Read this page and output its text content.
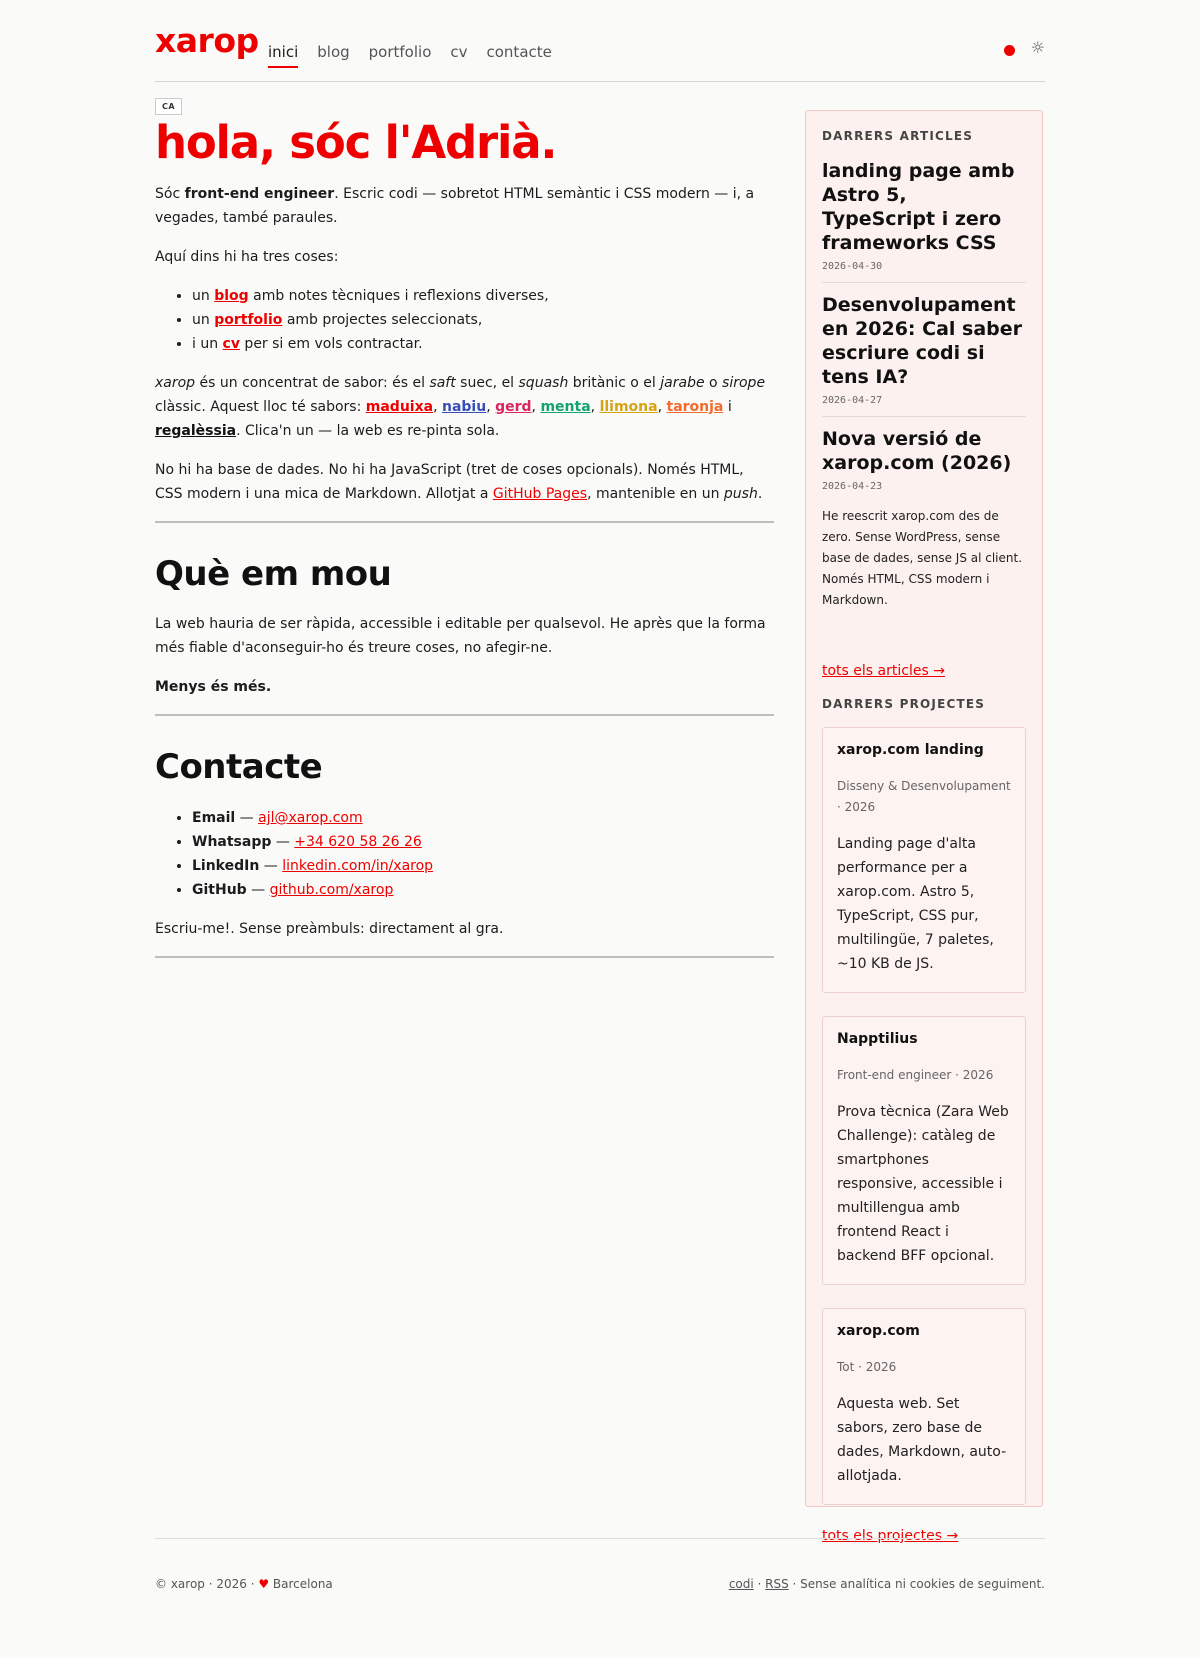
xarop inici blog portfolio cv contacte	☼
CA
hola, sóc l'Adrià.

Sóc front-end engineer. Escric codi — sobretot HTML semàntic i CSS modern — i, a vegades, també paraules.

Aquí dins hi ha tres coses:

• un blog amb notes tècniques i reflexions diverses,
• un portfolio amb projectes seleccionats,
• i un cv per si em vols contractar.

xarop és un concentrat de sabor: és el saft suec, el squash britànic o el jarabe o sirope clàssic. Aquest lloc té sabors: maduixa, nabiu, gerd, menta, llimona, taronja i regalèssia. Clica'n un — la web es re-pinta sola.

No hi ha base de dades. No hi ha JavaScript (tret de coses opcionals). Només HTML, CSS modern i una mica de Markdown. Allotjat a GitHub Pages, mantenible en un push.

Què em mou

La web hauria de ser ràpida, accessible i editable per qualsevol. He après que la forma més fiable d'aconseguir-ho és treure coses, no afegir-ne.

Menys és més.

Contacte
• Email — ajl@xarop.com
• Whatsapp — +34 620 58 26 26
• LinkedIn — linkedin.com/in/xarop
• GitHub — github.com/xarop

Escriu-me!. Sense preàmbuls: directament al gra.

DARRERS ARTICLES
landing page amb Astro 5, TypeScript i zero frameworks CSS
2026-04-30
Desenvolupament en 2026: Cal saber escriure codi si tens IA?
2026-04-27
Nova versió de xarop.com (2026)
2026-04-23

He reescrit xarop.com des de zero. Sense WordPress, sense base de dades, sense JS al client. Només HTML, CSS modern i Markdown.

tots els articles →
DARRERS PROJECTES
xarop.com landing

Disseny & Desenvolupament · 2026

Landing page d'alta performance per a xarop.com. Astro 5, TypeScript, CSS pur, multilingüe, 7 paletes, ~10 KB de JS.

Napptilius

Front-end engineer · 2026

Prova tècnica (Zara Web Challenge): catàleg de smartphones responsive, accessible i multillengua amb frontend React i backend BFF opcional.

xarop.com

Tot · 2026

Aquesta web. Set sabors, zero base de dades, Markdown, auto-allotjada.

tots els projectes →
© xarop · 2026 · ♥ Barcelona	codi · RSS · Sense analítica ni cookies de seguiment.
